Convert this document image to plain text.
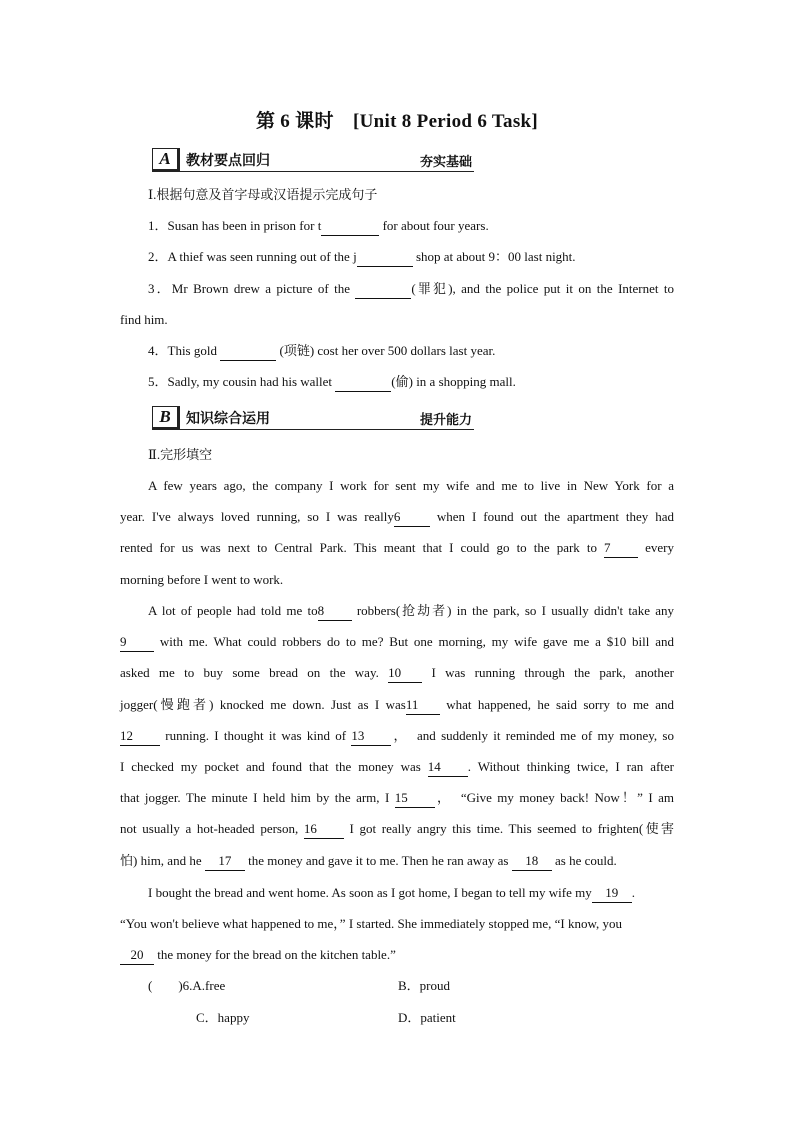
第 6 课时　[Unit 8 Period 6 Task]
A	教材要点回归	夯实基础
Ⅰ.根据句意及首字母或汉语提示完成句子
1．Susan has been in prison for t	for about four years.
2．A thief was seen running out of the j	shop at about 9：00 last night.
3．Mr Brown drew a picture of the	(罪犯), and the police put it on the Internet to
find him.
4．This gold	(项链) cost her over 500 dollars last year.
5．Sadly, my cousin had his wallet	(偷) in a shopping mall.
B	知识综合运用	提升能力
Ⅱ.完形填空
A few years ago, the company I work for sent my wife and me to live in New York for a
year. I've always loved running, so I was really6 when I found out the apartment they had
rented for us was next to Central Park. This meant that I could go to the park to 7 every
morning before I went to work.
A lot of people had told me to8 robbers(抢劫者) in the park, so I usually didn't take any
9 with me. What could robbers do to me? But one morning, my wife gave me a $10 bill and
asked me to buy some bread on the way. 10 I was running through the park, another
jogger(慢跑者) knocked me down. Just as I was11 what happened, he said sorry to me and
12 running. I thought it was kind of 13 ，　and suddenly it reminded me of my money, so
I checked my pocket and found that the money was 14 . Without thinking twice, I ran after
that jogger. The minute I held him by the arm, I 15 ，　“Give my money back! Now！” I am
not usually a hot-headed person, 16 I got really angry this time. This seemed to frighten(使害
怕) him, and he 17 the money and gave it to me. Then he ran away as 18 as he could.
I bought the bread and went home. As soon as I got home, I began to tell my wife my 19 .
“You won't believe what happened to me，” I started. She immediately stopped me, “I know, you
20 the money for the bread on the kitchen table.”
(　　)6.A.free	B．proud
C．happy	D．patient
